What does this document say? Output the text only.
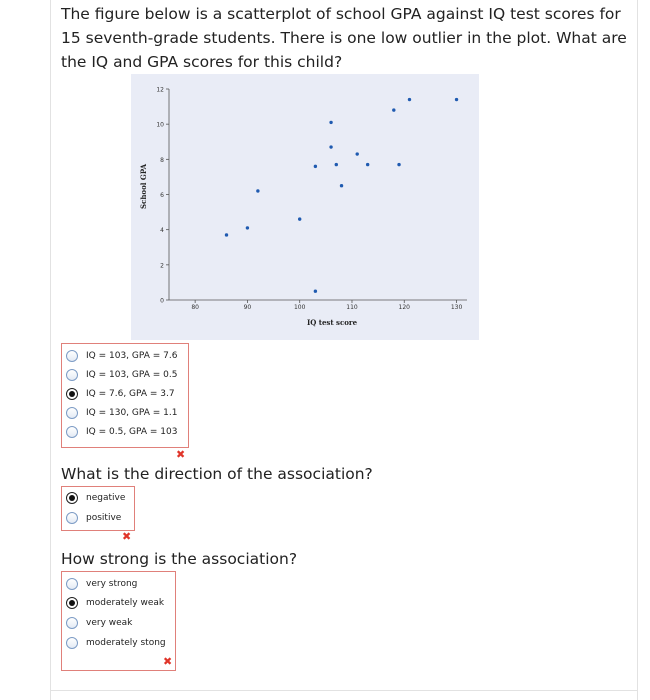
The figure below is a scatterplot of school GPA against IQ test scores for 15 seventh-grade students. There is one low outlier in the plot. What are the IQ and GPA scores for this child?

0
2
4
6
8
10
12
80	90	100	110	120	130
IQ test score
School GPA
IQ = 103, GPA = 7.6
IQ = 103, GPA = 0.5
IQ = 7.6, GPA = 3.7
IQ = 130, GPA = 1.1
IQ = 0.5, GPA = 103
✖

What is the direction of the association?

negative
positive
✖

How strong is the association?

very strong
moderately weak
very weak
moderately stong
✖
